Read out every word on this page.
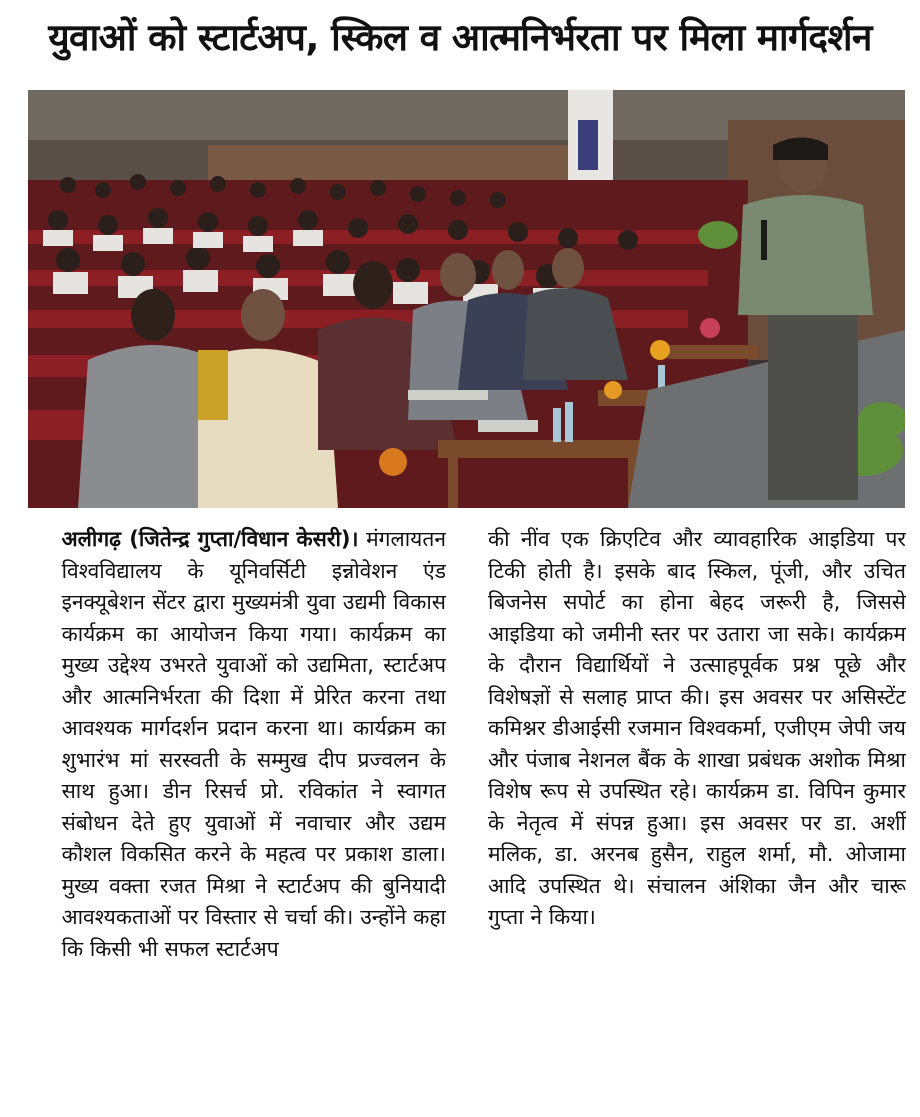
युवाओं को स्टार्टअप, स्किल व आत्मनिर्भरता पर मिला मार्गदर्शन

अलीगढ़ (जितेन्द्र गुप्ता/विधान केसरी)। मंगलायतन विश्वविद्यालय के यूनिवर्सिटी इन्नोवेशन एंड इनक्यूबेशन सेंटर द्वारा मुख्यमंत्री युवा उद्यमी विकास कार्यक्रम का आयोजन किया गया। कार्यक्रम का मुख्य उद्देश्य उभरते युवाओं को उद्यमिता, स्टार्टअप और आत्मनिर्भरता की दिशा में प्रेरित करना तथा आवश्यक मार्गदर्शन प्रदान करना था। कार्यक्रम का शुभारंभ मां सरस्वती के सम्मुख दीप प्रज्वलन के साथ हुआ। डीन रिसर्च प्रो. रविकांत ने स्वागत संबोधन देते हुए युवाओं में नवाचार और उद्यम कौशल विकसित करने के महत्व पर प्रकाश डाला। मुख्य वक्ता रजत मिश्रा ने स्टार्टअप की बुनियादी आवश्यकताओं पर विस्तार से चर्चा की। उन्होंने कहा कि किसी भी सफल स्टार्टअप

की नींव एक क्रिएटिव और व्यावहारिक आइडिया पर टिकी होती है। इसके बाद स्किल, पूंजी, और उचित बिजनेस सपोर्ट का होना बेहद जरूरी है, जिससे आइडिया को जमीनी स्तर पर उतारा जा सके। कार्यक्रम के दौरान विद्यार्थियों ने उत्साहपूर्वक प्रश्न पूछे और विशेषज्ञों से सलाह प्राप्त की। इस अवसर पर असिस्टेंट कमिश्नर डीआईसी रजमान विश्वकर्मा, एजीएम जेपी जय और पंजाब नेशनल बैंक के शाखा प्रबंधक अशोक मिश्रा विशेष रूप से उपस्थित रहे। कार्यक्रम डा. विपिन कुमार के नेतृत्व में संपन्न हुआ। इस अवसर पर डा. अर्शी मलिक, डा. अरनब हुसैन, राहुल शर्मा, मौ. ओजामा आदि उपस्थित थे। संचालन अंशिका जैन और चारू गुप्ता ने किया।
